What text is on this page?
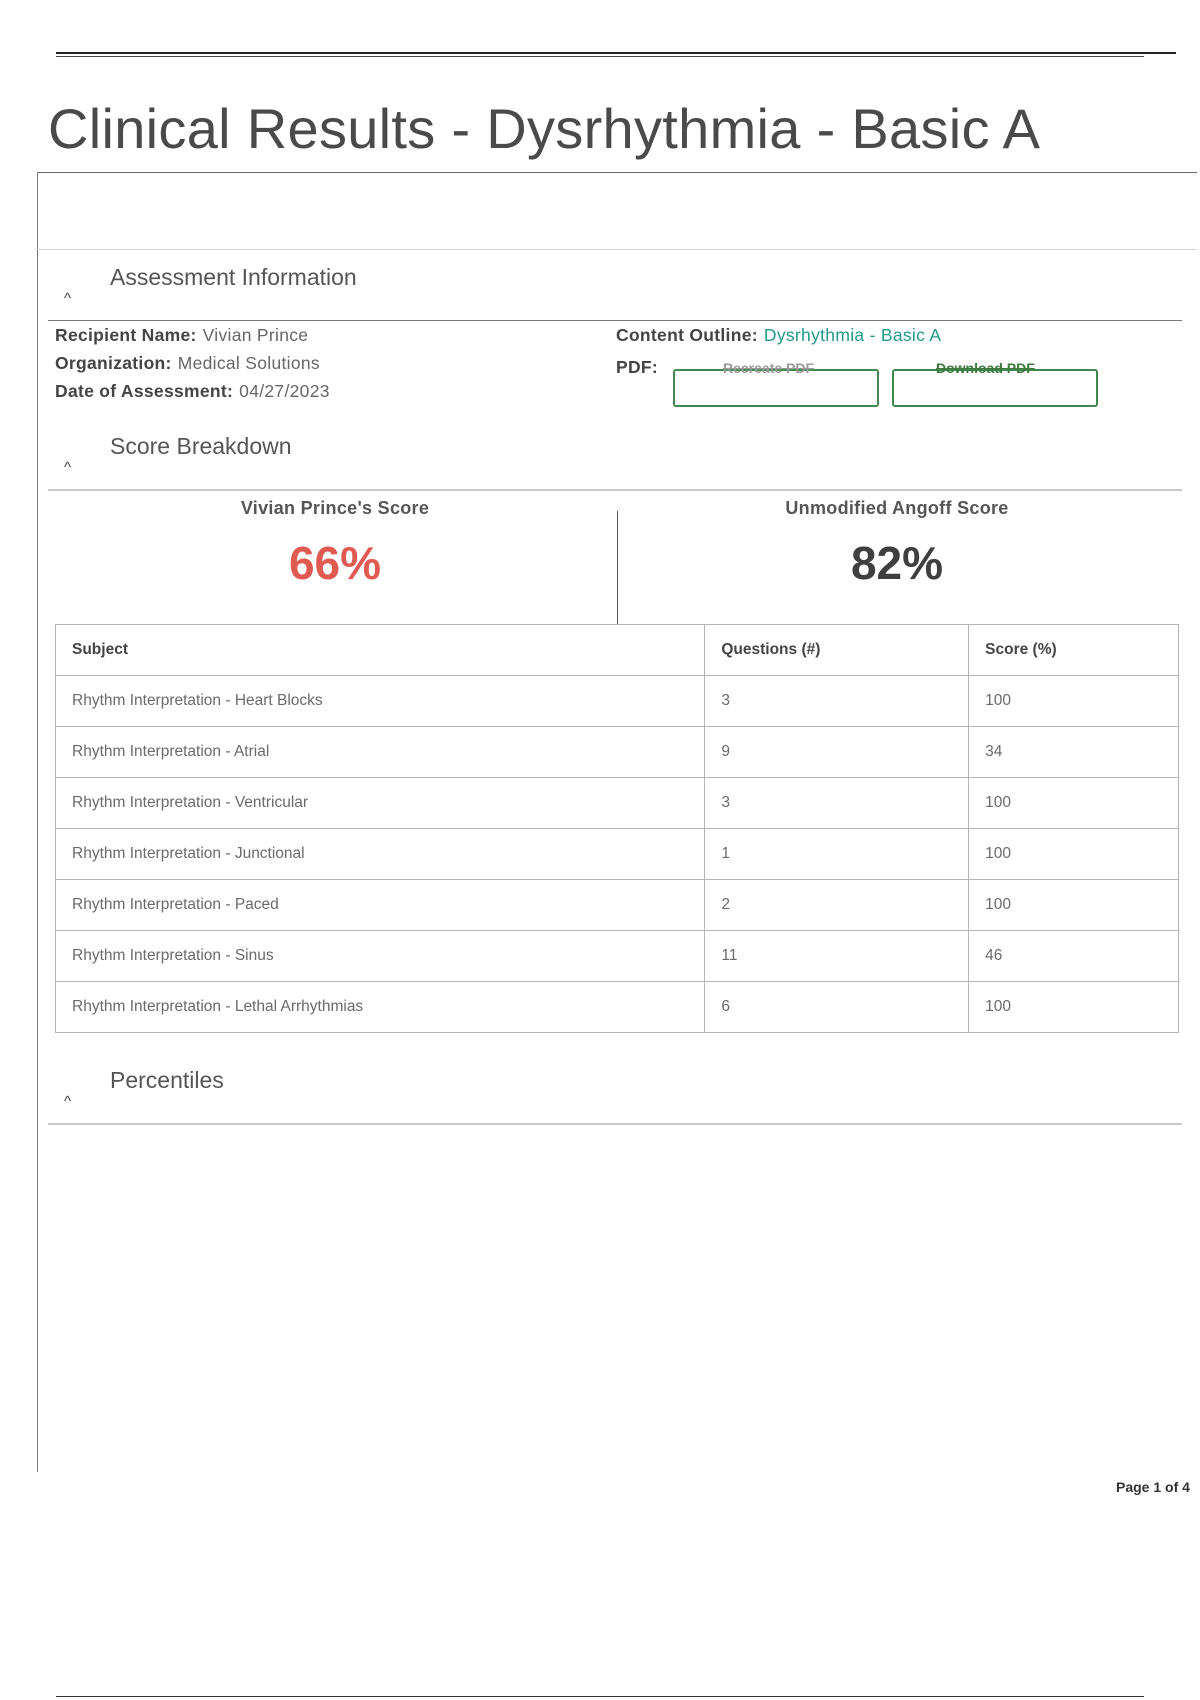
Clinical Results - Dysrhythmia - Basic A
Assessment Information
^
Recipient Name: Vivian Prince
Organization: Medical Solutions
Date of Assessment: 04/27/2023
Content Outline: Dysrhythmia - Basic A
PDF:	Recreate PDF	Download PDF
Score Breakdown
^
Vivian Prince's Score
66%
Unmodified Angoff Score
82%
Subject	Questions (#)	Score (%)
Rhythm Interpretation - Heart Blocks	3	100
Rhythm Interpretation - Atrial	9	34
Rhythm Interpretation - Ventricular	3	100
Rhythm Interpretation - Junctional	1	100
Rhythm Interpretation - Paced	2	100
Rhythm Interpretation - Sinus	11	46
Rhythm Interpretation - Lethal Arrhythmias	6	100
Percentiles
^
Page 1 of 4
